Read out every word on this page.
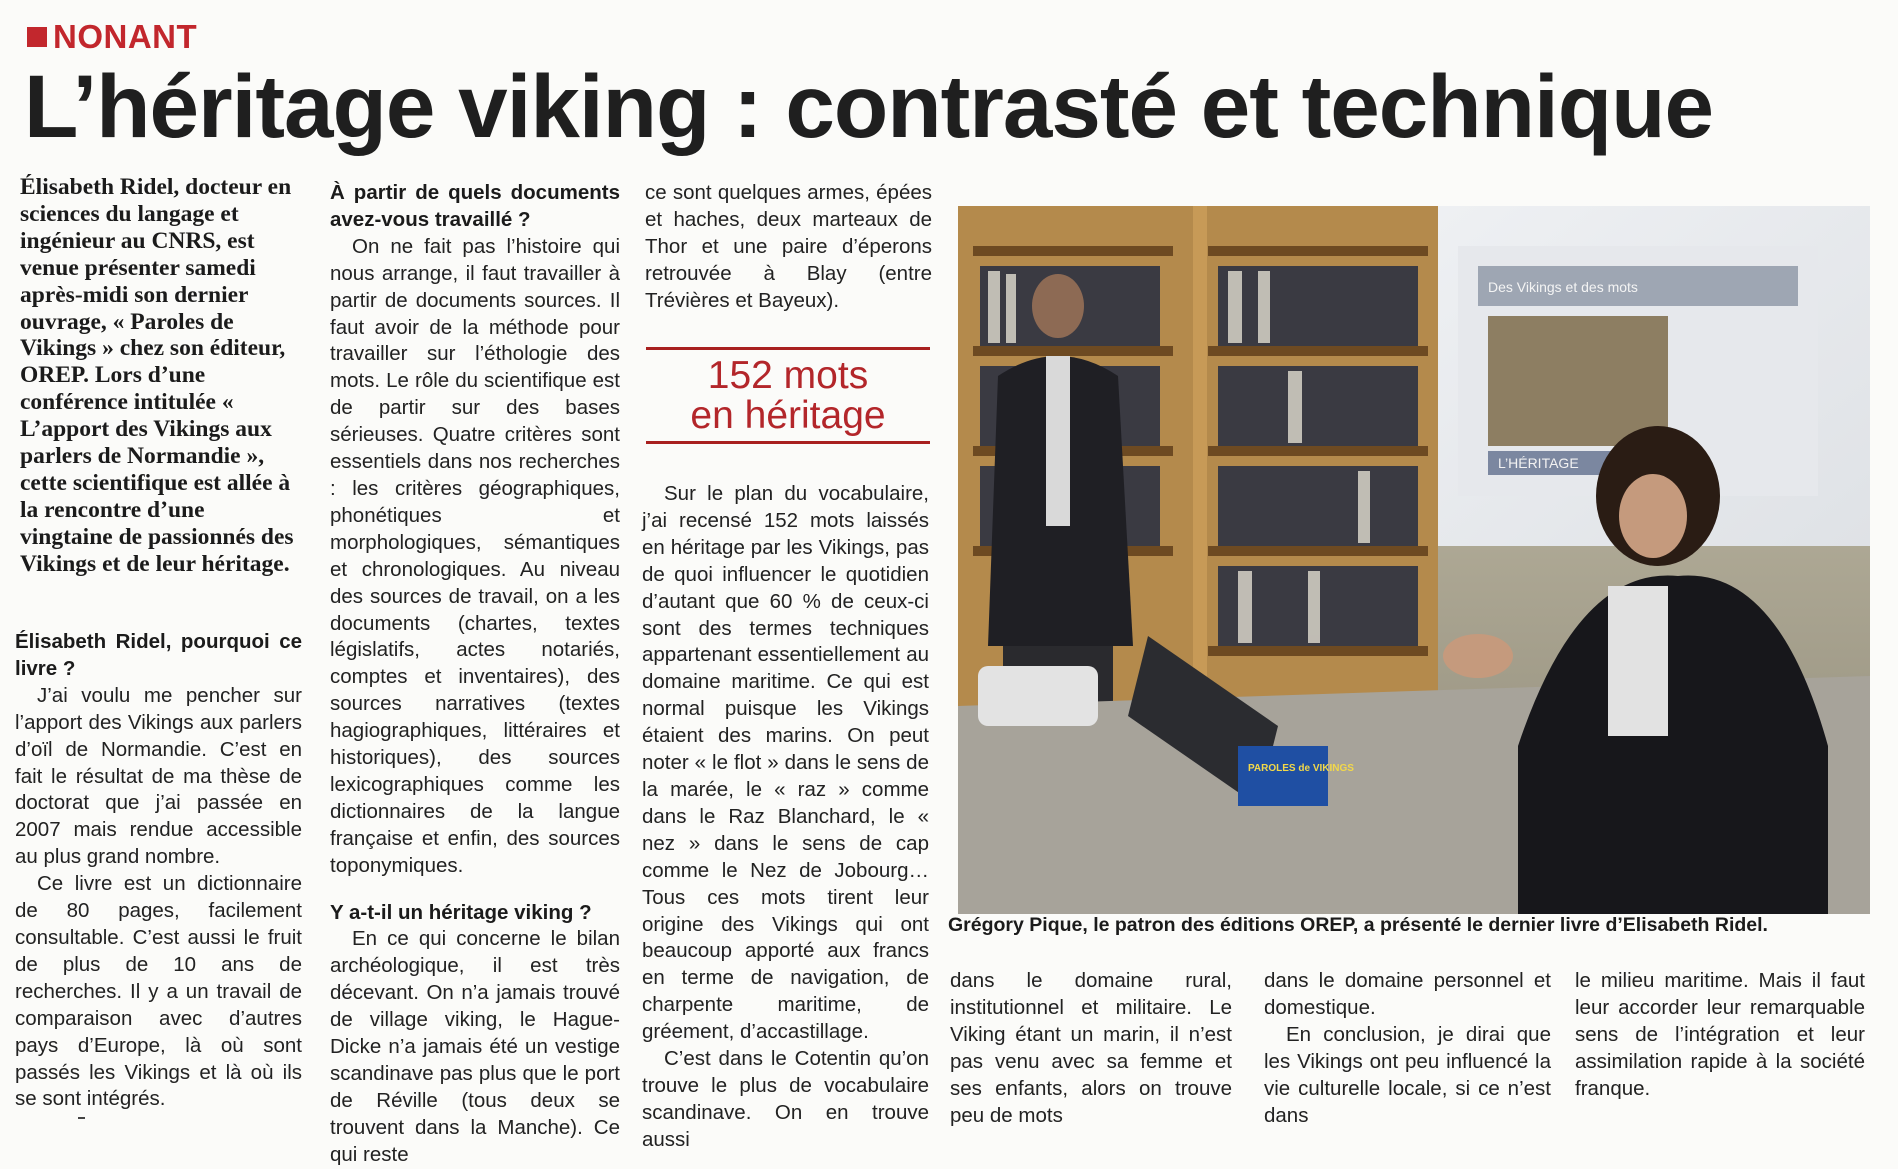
NONANT
L’héritage viking : contrasté et technique
Élisabeth Ridel, docteur en sciences du langage et ingénieur au CNRS, est venue présenter samedi après-midi son dernier ouvrage, « Paroles de Vikings » chez son éditeur, OREP. Lors d’une conférence intitulée « L’apport des Vikings aux parlers de Normandie », cette scientifique est allée à la rencontre d’une vingtaine de passionnés des Vikings et de leur héritage.

Élisabeth Ridel, pourquoi ce livre ?

J’ai voulu me pencher sur l’apport des Vikings aux parlers d’oïl de Normandie. C’est en fait le résultat de ma thèse de doctorat que j’ai passée en 2007 mais rendue accessible au plus grand nombre.

Ce livre est un dictionnaire de 80 pages, facilement consultable. C’est aussi le fruit de plus de 10 ans de recherches. Il y a un travail de comparaison avec d’autres pays d’Europe, là où sont passés les Vikings et là où ils se sont intégrés.

À partir de quels documents avez-vous travaillé ?

On ne fait pas l’histoire qui nous arrange, il faut travailler à partir de documents sources. Il faut avoir de la méthode pour travailler sur l’éthologie des mots. Le rôle du scientifique est de partir sur des bases sérieuses. Quatre critères sont essentiels dans nos recherches : les critères géographiques, phonétiques et morphologiques, sémantiques et chronologiques. Au niveau des sources de travail, on a les documents (chartes, textes législatifs, actes notariés, comptes et inventaires), des sources narratives (textes hagiographiques, littéraires et historiques), des sources lexicographiques comme les dictionnaires de la langue française et enfin, des sources toponymiques.

Y a-t-il un héritage viking ?

En ce qui concerne le bilan archéologique, il est très décevant. On n’a jamais trouvé de village viking, le Hague-Dicke n’a jamais été un vestige scandinave pas plus que le port de Réville (tous deux se trouvent dans la Manche). Ce qui reste

ce sont quelques armes, épées et haches, deux marteaux de Thor et une paire d’éperons retrouvée à Blay (entre Trévières et Bayeux).

152 mots
en héritage

Sur le plan du vocabulaire, j’ai recensé 152 mots laissés en héritage par les Vikings, pas de quoi influencer le quotidien d’autant que 60 % de ceux-ci sont des termes techniques appartenant essentiellement au domaine maritime. Ce qui est normal puisque les Vikings étaient des marins. On peut noter « le flot » dans le sens de la marée, le « raz » comme dans le Raz Blanchard, le « nez » dans le sens de cap comme le Nez de Jobourg… Tous ces mots tirent leur origine des Vikings qui ont beaucoup apporté aux francs en terme de navigation, de charpente maritime, de gréement, d’accastillage.

C’est dans le Cotentin qu’on trouve le plus de vocabulaire scandinave. On en trouve aussi

L’HÉRITAGE
Des Vikings et des mots
PAROLES de VIKINGS
Grégory Pique, le patron des éditions OREP, a présenté le dernier livre d’Elisabeth Ridel.

dans le domaine rural, institutionnel et militaire. Le Viking étant un marin, il n’est pas venu avec sa femme et ses enfants, alors on trouve peu de mots

dans le domaine personnel et domestique.

En conclusion, je dirai que les Vikings ont peu influencé la vie culturelle locale, si ce n’est dans

le milieu maritime. Mais il faut leur accorder leur remarquable sens de l’intégration et leur assimilation rapide à la société franque.
